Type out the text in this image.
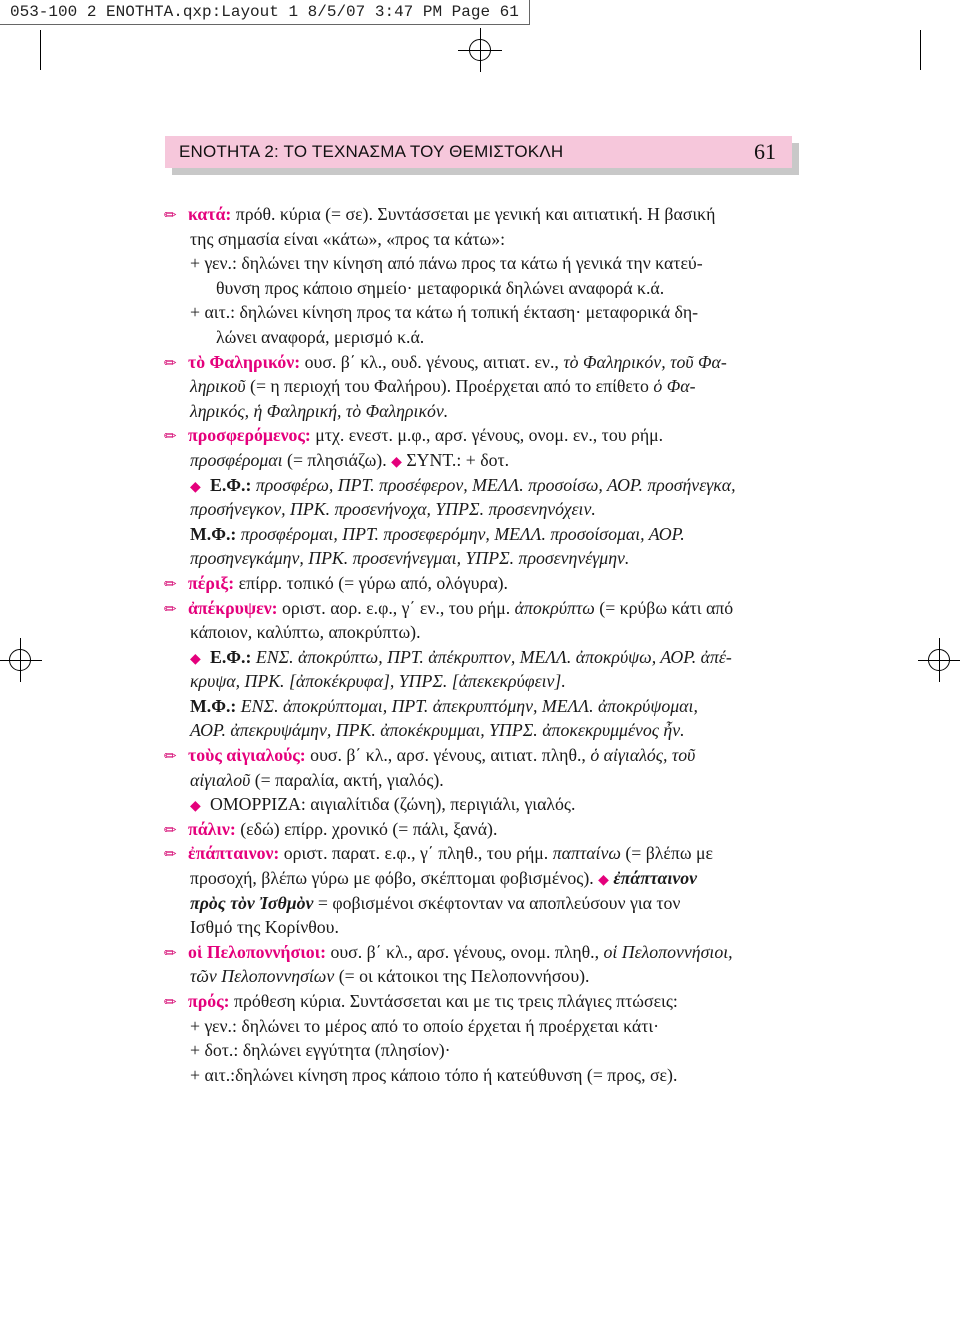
053-100 2 ΕΝΟΤΗΤΑ.qxp:Layout 1 8/5/07 3:47 PM Page 61
ΕΝΟΤΗΤΑ 2: ΤΟ ΤΕΧΝΑΣΜΑ ΤΟΥ ΘΕΜΙΣΤΟΚΛΗ	61
✏ κατά: πρόθ. κύρια (= σε). Συντάσσεται με γενική και αιτιατική. Η βασική
της σημασία είναι «κάτω», «προς τα κάτω»:
+ γεν.: δηλώνει την κίνηση από πάνω προς τα κάτω ή γενικά την κατεύ-
θυνση προς κάποιο σημείο· μεταφορικά δηλώνει αναφορά κ.ά.
+ αιτ.: δηλώνει κίνηση προς τα κάτω ή τοπική έκταση· μεταφορικά δη-
λώνει αναφορά, μερισμό κ.ά.
✏ τὸ Φαληρικόν: ουσ. β΄ κλ., ουδ. γένους, αιτιατ. εν., τὸ Φαληρικόν, τοῦ Φα-
ληρικοῦ (= η περιοχή του Φαλήρου). Προέρχεται από το επίθετο ὁ Φα-
ληρικός, ἡ Φαληρική, τὸ Φαληρικόν.
✏ προσφερόμενος: μτχ. ενεστ. μ.φ., αρσ. γένους, ονομ. εν., του ρήμ.
προσφέρομαι (= πλησιάζω). ◆ ΣΥΝΤ.: + δοτ.
◆ Ε.Φ.: προσφέρω, ΠΡΤ. προσέφερον, ΜΕΛΛ. προσοίσω, ΑΟΡ. προσήνεγκα,
προσήνεγκον, ΠΡΚ. προσενήνοχα, ΥΠΡΣ. προσενηνόχειν.
Μ.Φ.: προσφέρομαι, ΠΡΤ. προσεφερόμην, ΜΕΛΛ. προσοίσομαι, ΑΟΡ.
προσηνεγκάμην, ΠΡΚ. προσενήνεγμαι, ΥΠΡΣ. προσενηνέγμην.
✏ πέριξ: επίρρ. τοπικό (= γύρω από, ολόγυρα).
✏ ἀπέκρυψεν: οριστ. αορ. ε.φ., γ΄ εν., του ρήμ. ἀποκρύπτω (= κρύβω κάτι από
κάποιον, καλύπτω, αποκρύπτω).
◆ Ε.Φ.: ΕΝΣ. ἀποκρύπτω, ΠΡΤ. ἀπέκρυπτον, ΜΕΛΛ. ἀποκρύψω, ΑΟΡ. ἀπέ-
κρυψα, ΠΡΚ. [ἀποκέκρυφα], ΥΠΡΣ. [ἀπεκεκρύφειν].
Μ.Φ.: ΕΝΣ. ἀποκρύπτομαι, ΠΡΤ. ἀπεκρυπτόμην, ΜΕΛΛ. ἀποκρύψομαι,
ΑΟΡ. ἀπεκρυψάμην, ΠΡΚ. ἀποκέκρυμμαι, ΥΠΡΣ. ἀποκεκρυμμένος ἦν.
✏ τοὺς αἰγιαλούς: ουσ. β΄ κλ., αρσ. γένους, αιτιατ. πληθ., ὁ αἰγιαλός, τοῦ
αἰγιαλοῦ (= παραλία, ακτή, γιαλός).
◆ ΟΜΟΡΡΙΖΑ: αιγιαλίτιδα (ζώνη), περιγιάλι, γιαλός.
✏ πάλιν: (εδώ) επίρρ. χρονικό (= πάλι, ξανά).
✏ ἐπάπταινον: οριστ. παρατ. ε.φ., γ΄ πληθ., του ρήμ. παπταίνω (= βλέπω με
προσοχή, βλέπω γύρω με φόβο, σκέπτομαι φοβισμένος). ◆ ἐπάπταινον
πρὸς τὸν Ἰσθμὸν = φοβισμένοι σκέφτονταν να αποπλεύσουν για τον
Ισθμό της Κορίνθου.
✏ οἱ Πελοποννήσιοι: ουσ. β΄ κλ., αρσ. γένους, ονομ. πληθ., οἱ Πελοποννήσιοι,
τῶν Πελοποννησίων (= οι κάτοικοι της Πελοποννήσου).
✏ πρός: πρόθεση κύρια. Συντάσσεται και με τις τρεις πλάγιες πτώσεις:
+ γεν.: δηλώνει το μέρος από το οποίο έρχεται ή προέρχεται κάτι·
+ δοτ.: δηλώνει εγγύτητα (πλησίον)·
+ αιτ.:δηλώνει κίνηση προς κάποιο τόπο ή κατεύθυνση (= προς, σε).
